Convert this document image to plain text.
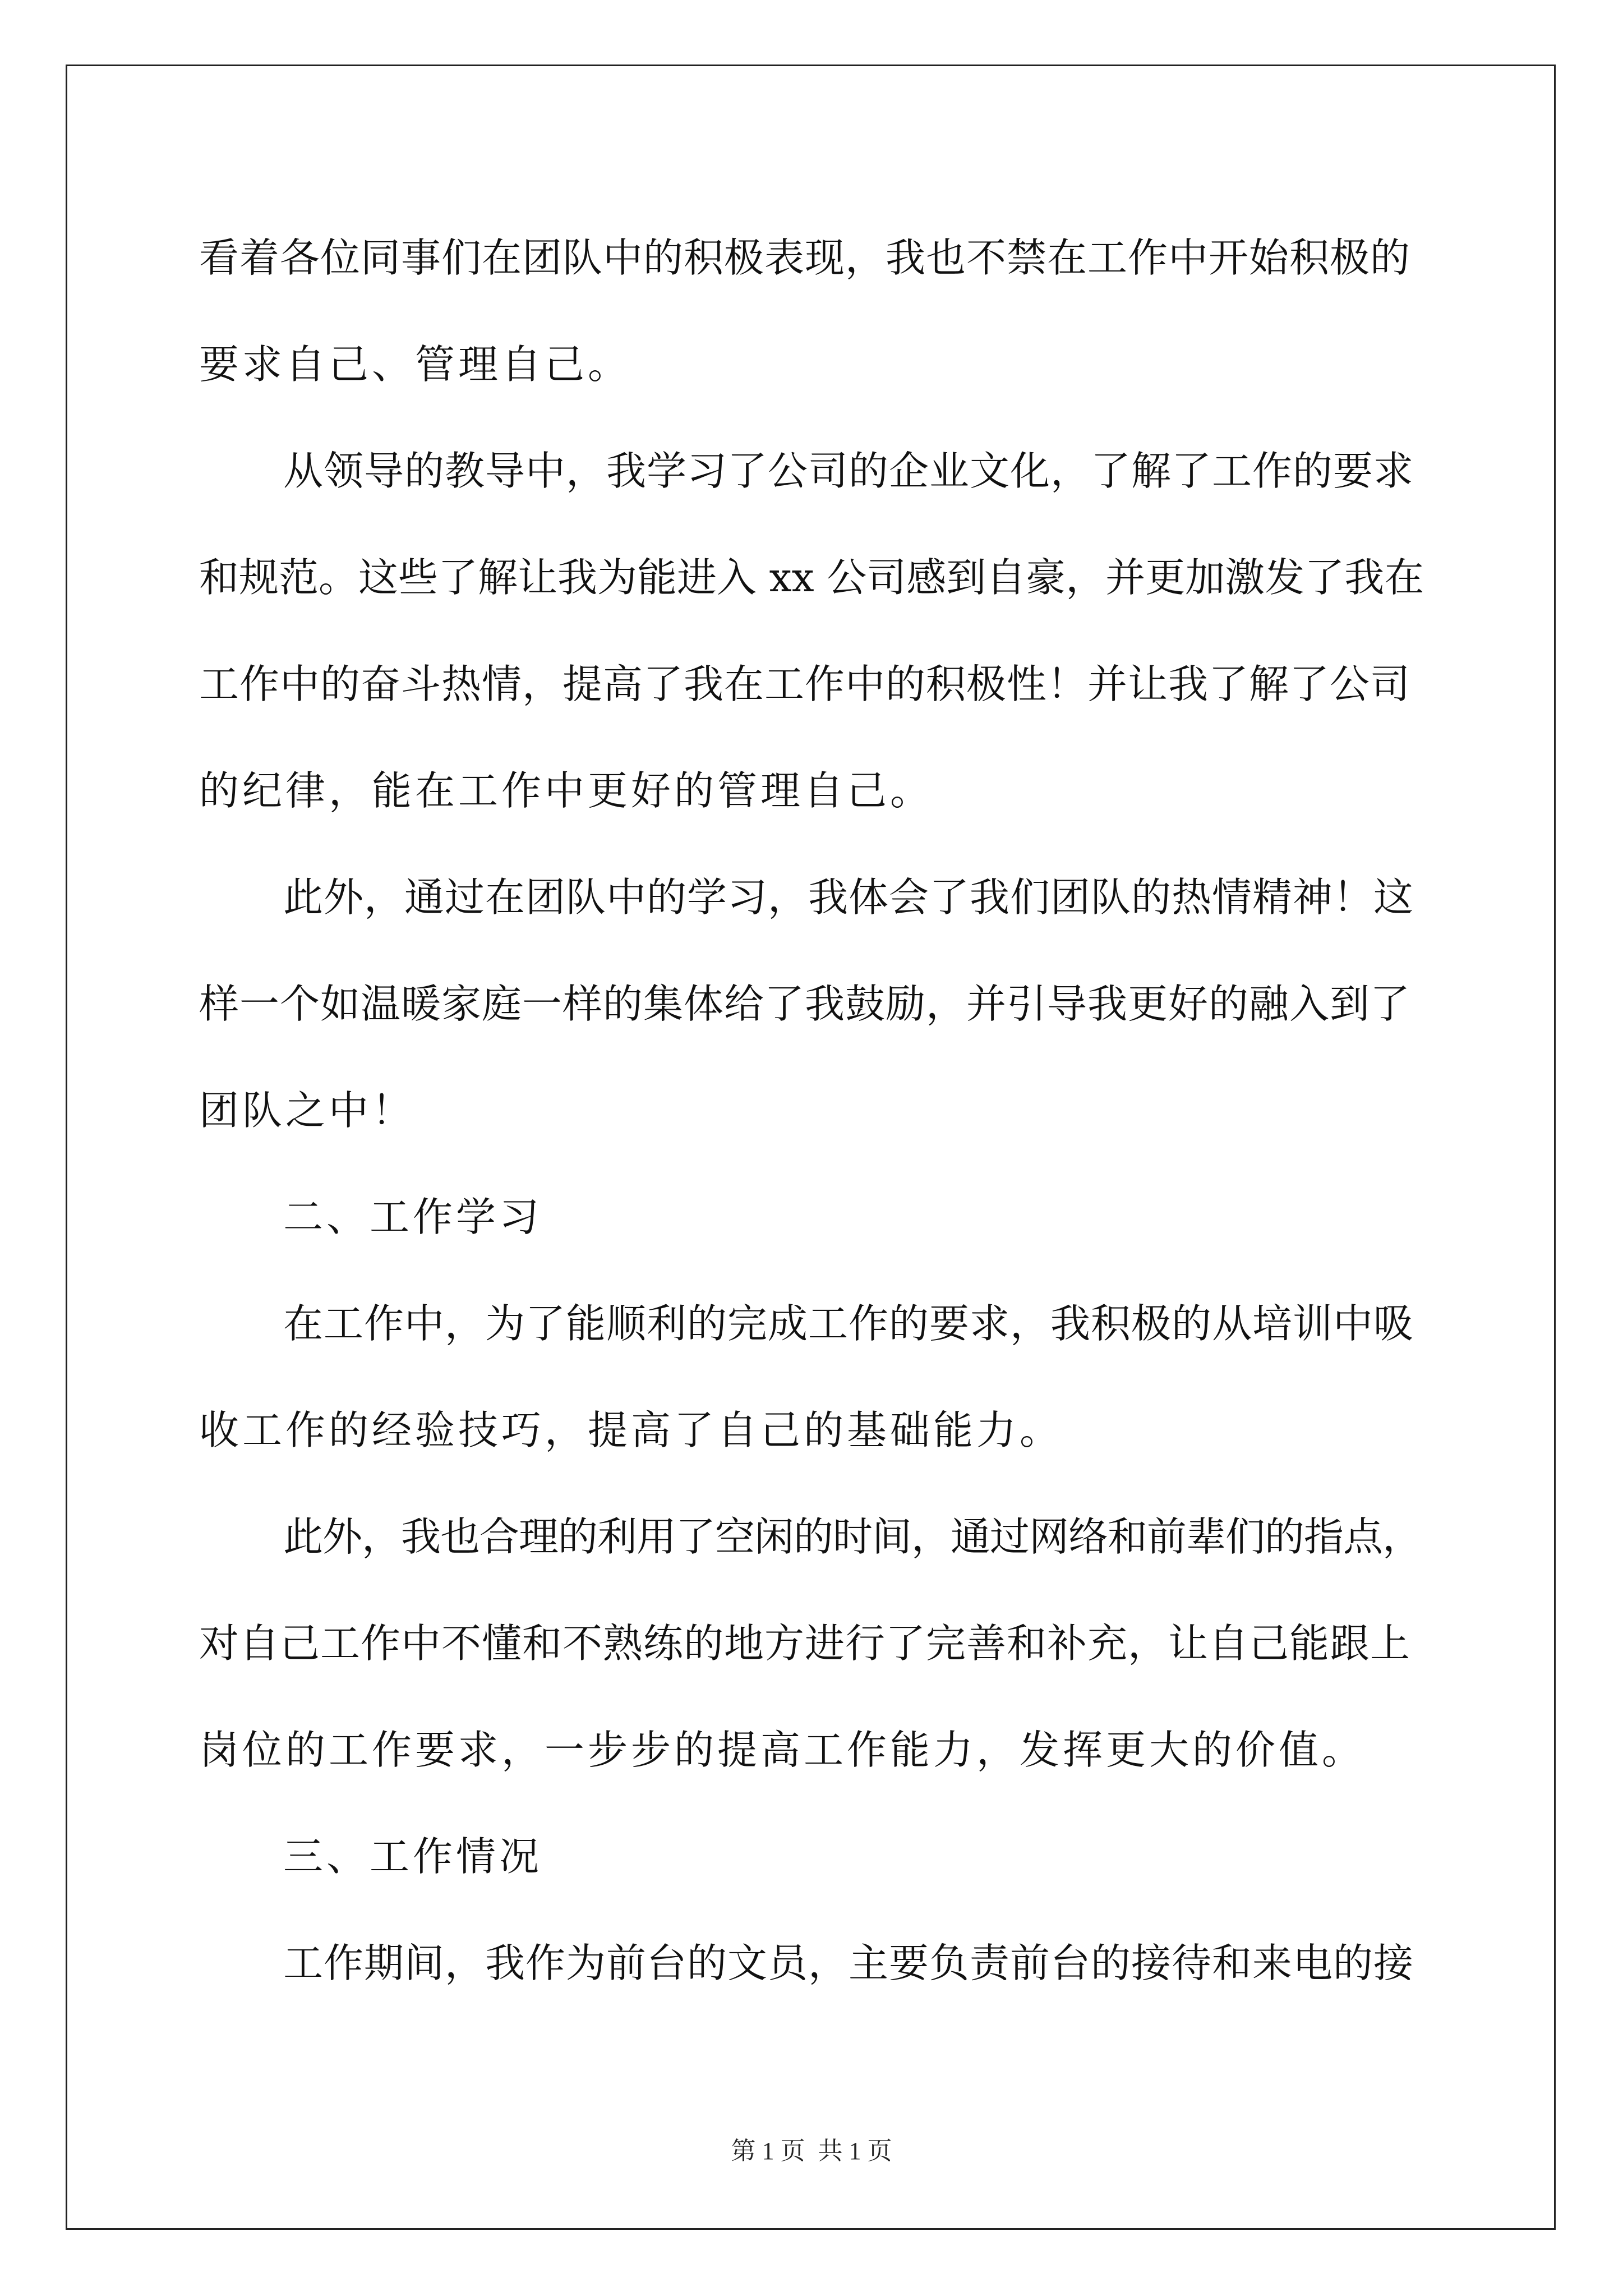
看着各位同事们在团队中的积极表现，我也不禁在工作中开始积极的
要求自己、管理自己。
从领导的教导中，我学习了公司的企业文化，了解了工作的要求
和规范。这些了解让我为能进入 xx 公司感到自豪，并更加激发了我在
工作中的奋斗热情，提高了我在工作中的积极性！并让我了解了公司
的纪律，能在工作中更好的管理自己。
此外，通过在团队中的学习，我体会了我们团队的热情精神！这
样一个如温暖家庭一样的集体给了我鼓励，并引导我更好的融入到了
团队之中！
二、工作学习
在工作中，为了能顺利的完成工作的要求，我积极的从培训中吸
收工作的经验技巧，提高了自己的基础能力。
此外，我也合理的利用了空闲的时间，通过网络和前辈们的指点，
对自己工作中不懂和不熟练的地方进行了完善和补充，让自己能跟上
岗位的工作要求，一步步的提高工作能力，发挥更大的价值。
三、工作情况
工作期间，我作为前台的文员，主要负责前台的接待和来电的接
第 1 页 共 1 页
